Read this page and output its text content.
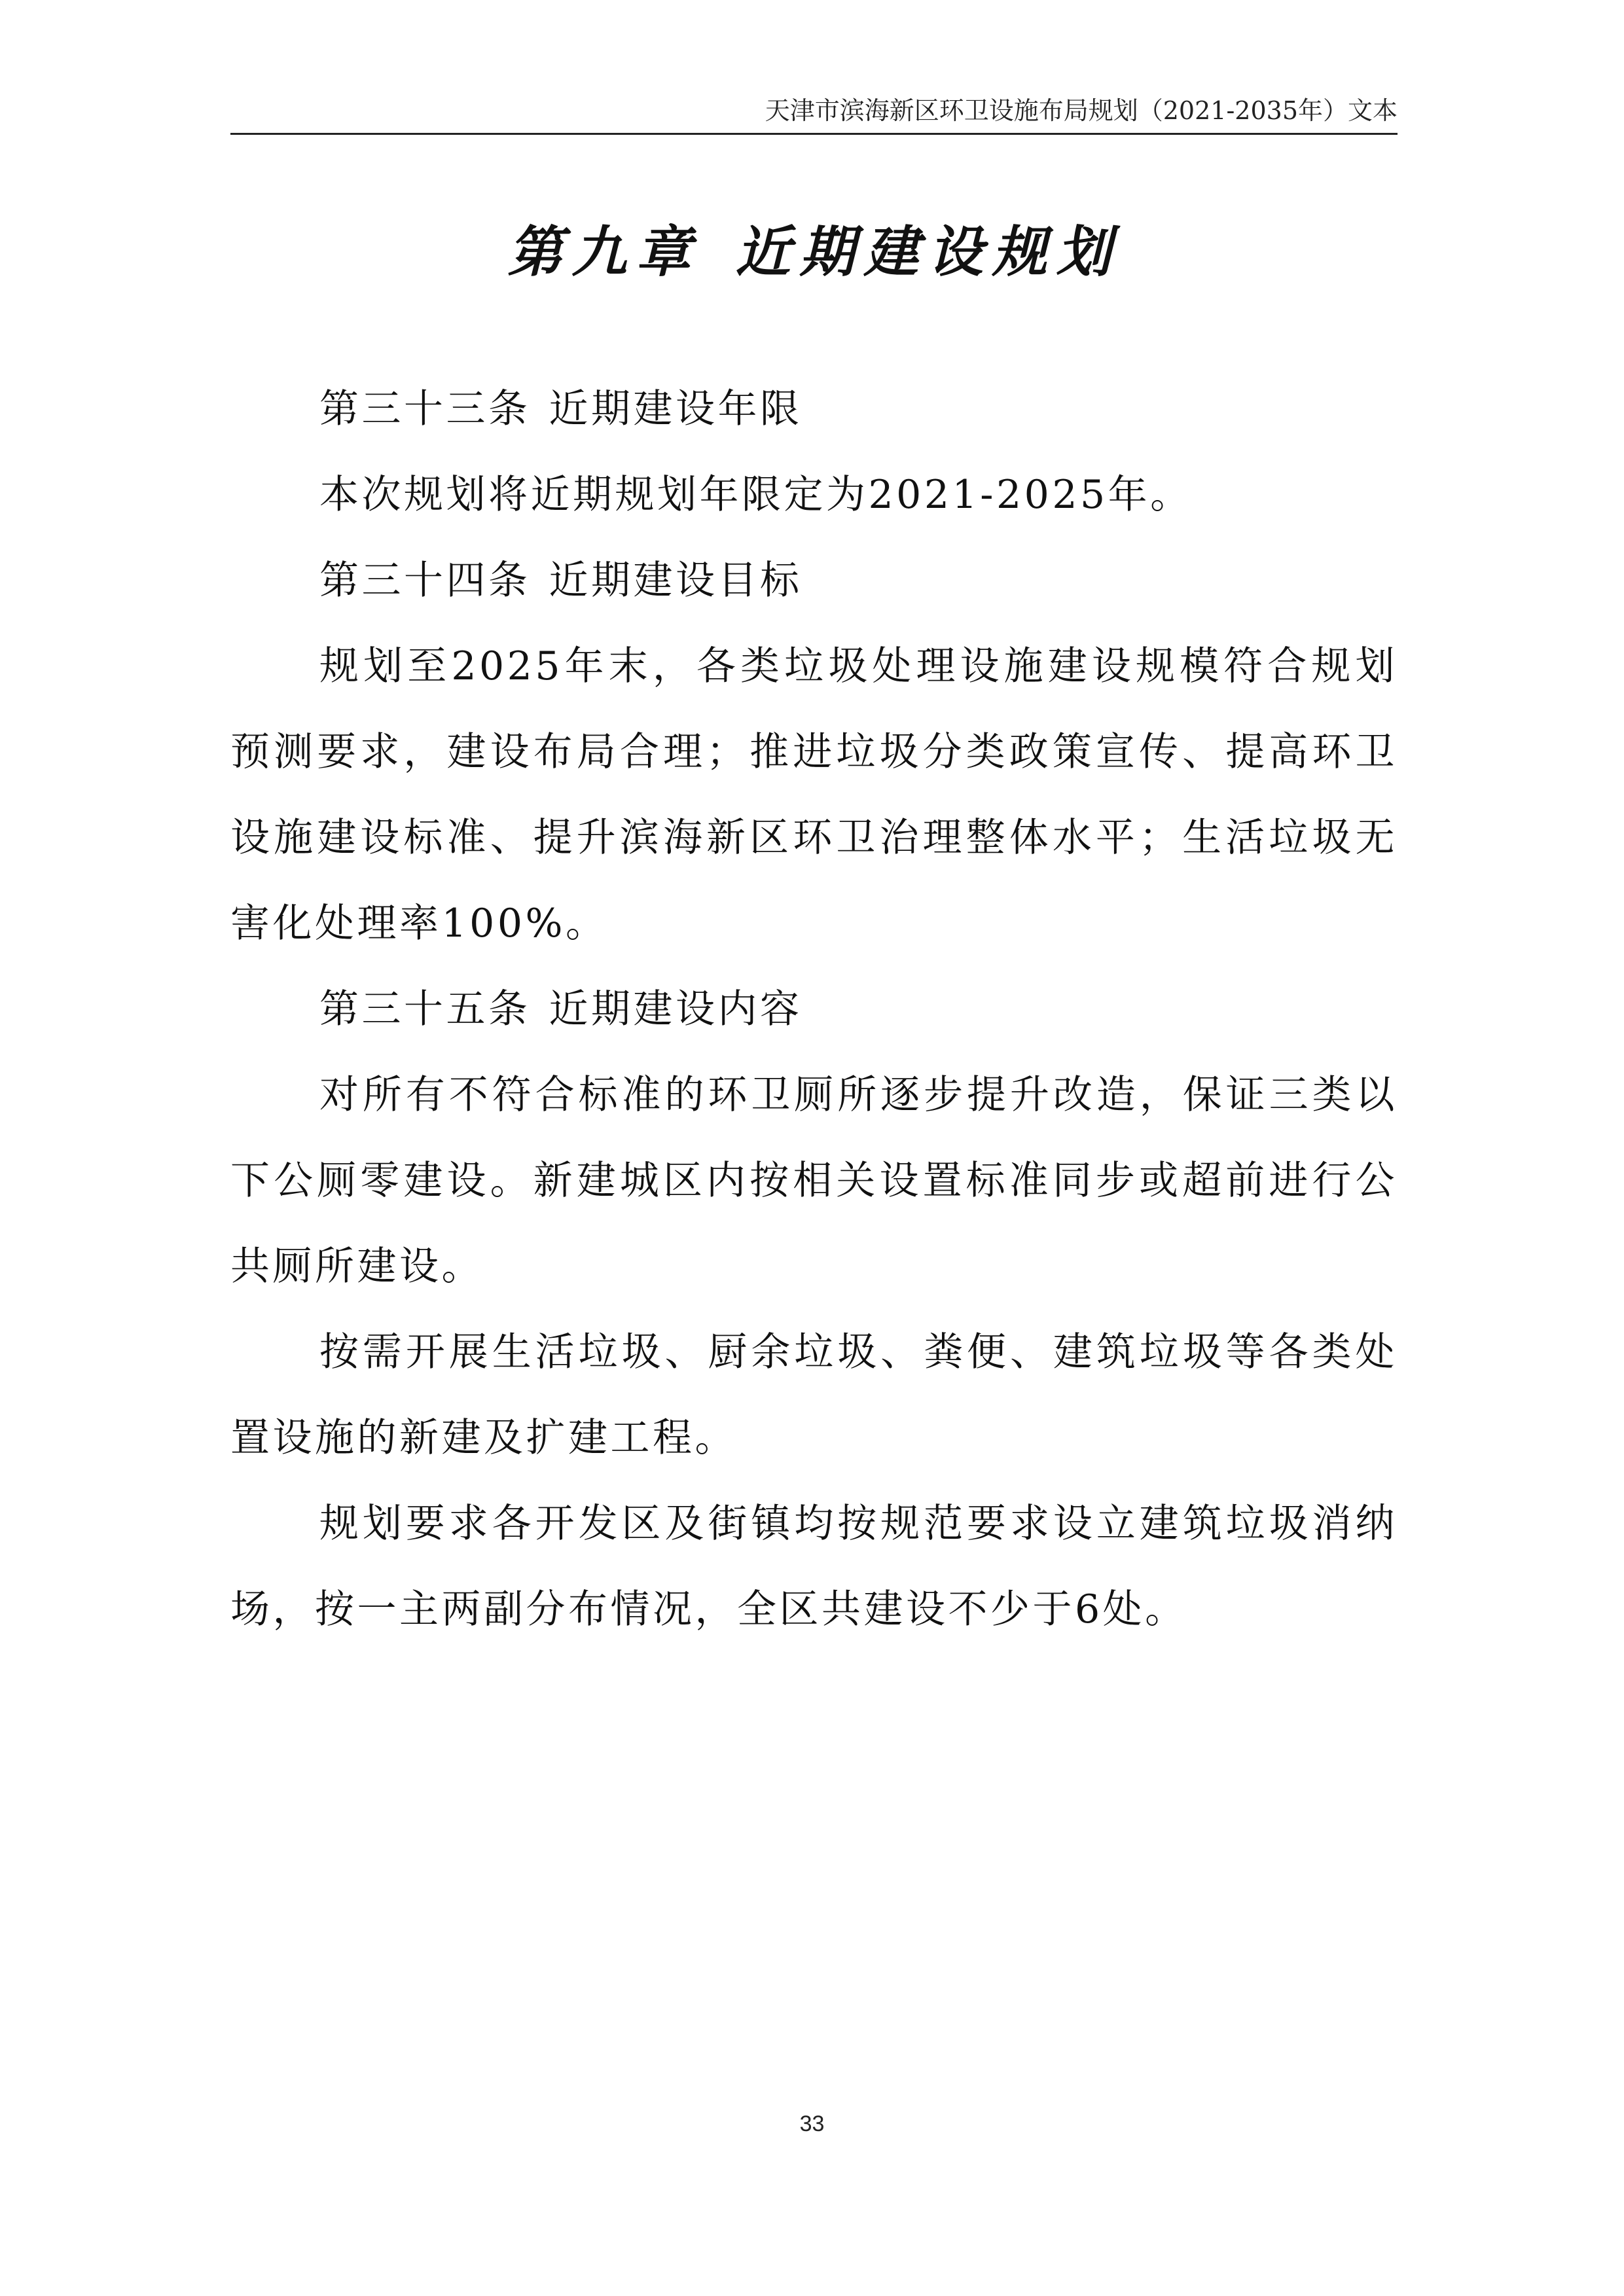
天津市滨海新区环卫设施布局规划（2021-2035年）文本
第九章 近期建设规划

第三十三条 近期建设年限

本次规划将近期规划年限定为2021-2025年。

第三十四条 近期建设目标

规划至2025年末，各类垃圾处理设施建设规模符合规划预测要求，建设布局合理；推进垃圾分类政策宣传、提高环卫设施建设标准、提升滨海新区环卫治理整体水平；生活垃圾无害化处理率100%。

第三十五条 近期建设内容

对所有不符合标准的环卫厕所逐步提升改造，保证三类以下公厕零建设。新建城区内按相关设置标准同步或超前进行公共厕所建设。

按需开展生活垃圾、厨余垃圾、粪便、建筑垃圾等各类处置设施的新建及扩建工程。

规划要求各开发区及街镇均按规范要求设立建筑垃圾消纳场，按一主两副分布情况，全区共建设不少于6处。

33
